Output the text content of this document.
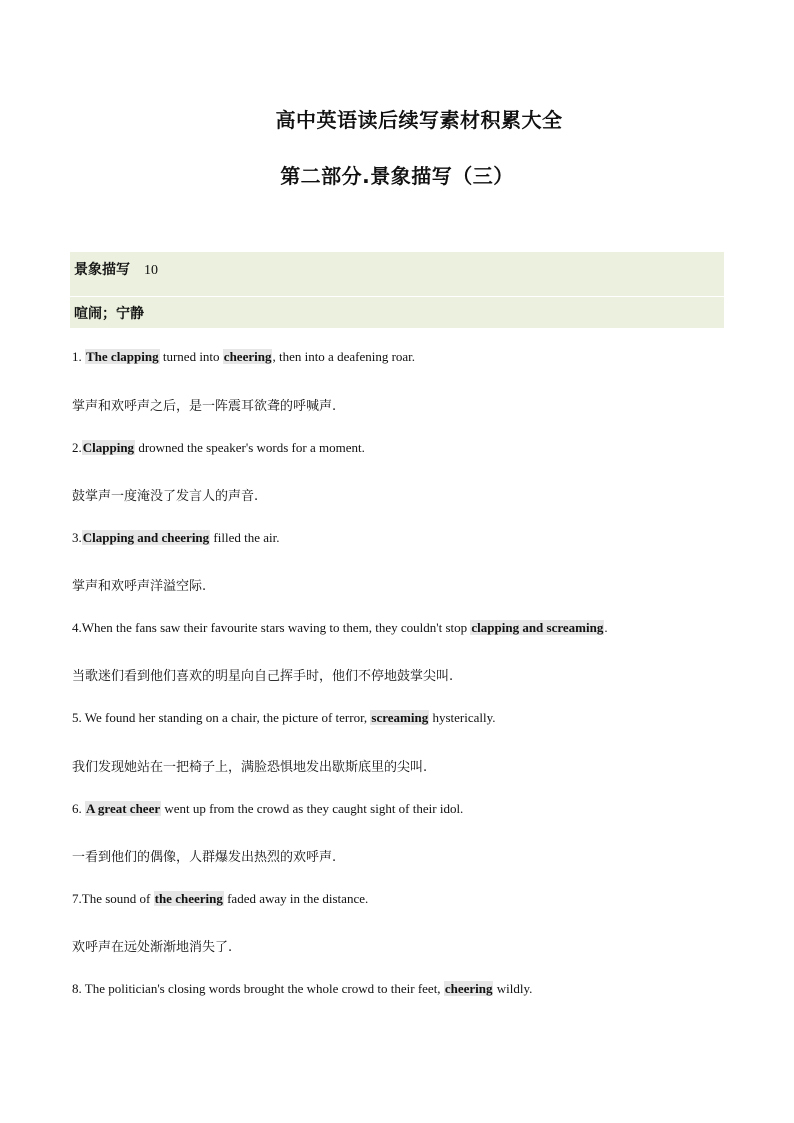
高中英语读后续写素材积累大全
第二部分.景象描写（三）
景象描写 10
喧闹；宁静
1. The clapping turned into cheering, then into a deafening roar.
掌声和欢呼声之后，是一阵震耳欲聋的呼喊声.
2.Clapping drowned the speaker's words for a moment.
鼓掌声一度淹没了发言人的声音.
3.Clapping and cheering filled the air.
掌声和欢呼声洋溢空际.
4.When the fans saw their favourite stars waving to them, they couldn't stop clapping and screaming.
当歌迷们看到他们喜欢的明星向自己挥手时，他们不停地鼓掌尖叫.
5. We found her standing on a chair, the picture of terror, screaming hysterically.
我们发现她站在一把椅子上，满脸恐惧地发出歇斯底里的尖叫.
6. A great cheer went up from the crowd as they caught sight of their idol.
一看到他们的偶像，人群爆发出热烈的欢呼声.
7.The sound of the cheering faded away in the distance.
欢呼声在远处渐渐地消失了.
8. The politician's closing words brought the whole crowd to their feet, cheering wildly.
